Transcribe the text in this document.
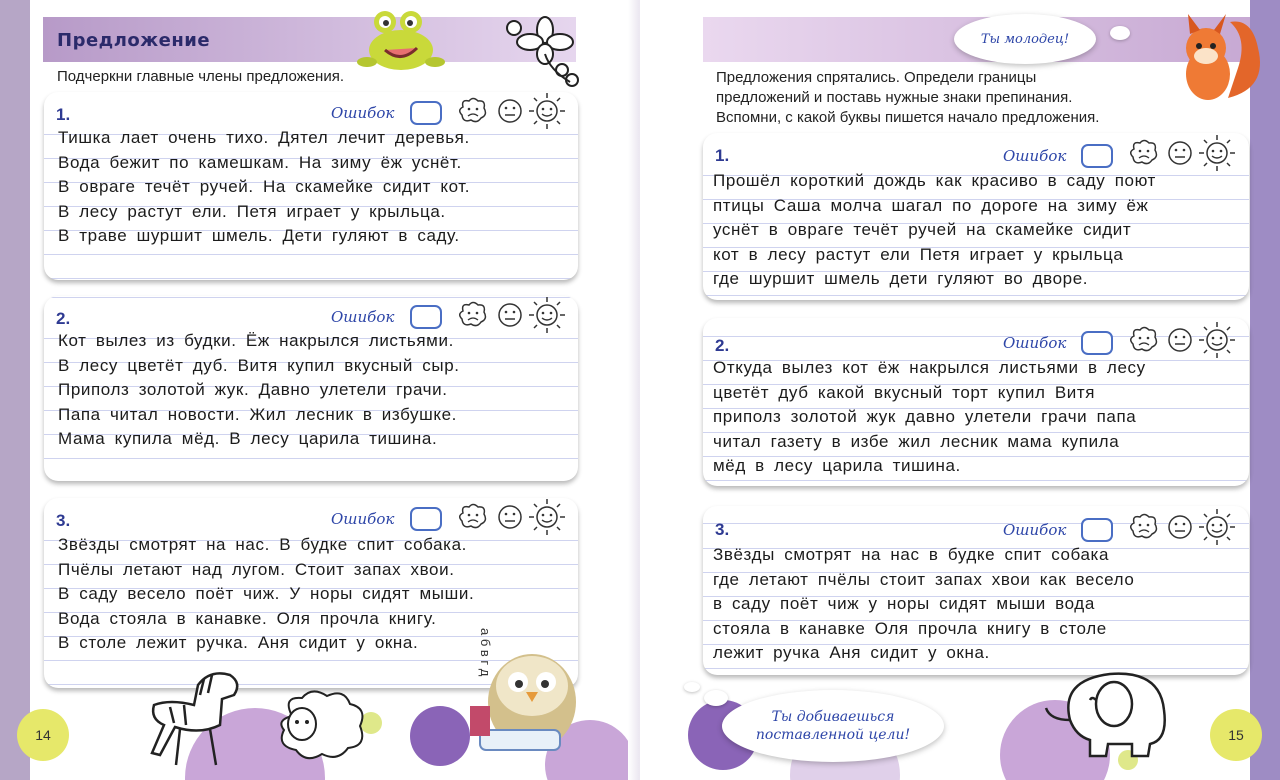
Предложение
Подчеркни главные члены предложения.
1.	Ошибок
Тишка лает очень тихо. Дятел лечит деревья.
Вода бежит по камешкам. На зиму ёж уснёт.
В овраге течёт ручей. На скамейке сидит кот.
В лесу растут ели. Петя играет у крыльца.
В траве шуршит шмель. Дети гуляют в саду.
2.	Ошибок
Кот вылез из будки. Ёж накрылся листьями.
В лесу цветёт дуб. Витя купил вкусный сыр.
Приполз золотой жук. Давно улетели грачи.
Папа читал новости. Жил лесник в избушке.
Мама купила мёд. В лесу царила тишина.
3.	Ошибок
Звёзды смотрят на нас. В будке спит собака.
Пчёлы летают над лугом. Стоит запах хвои.
В саду весело поёт чиж. У норы сидят мыши.
Вода стояла в канавке. Оля прочла книгу.
В столе лежит ручка. Аня сидит у окна.
14
а б в г д
Ты молодец!
Предложения спрятались. Определи границы
предложений и поставь нужные знаки препинания.
Вспомни, с какой буквы пишется начало предложения.
1.	Ошибок
Прошёл короткий дождь как красиво в саду поют
птицы Саша молча шагал по дороге на зиму ёж
уснёт в овраге течёт ручей на скамейке сидит
кот в лесу растут ели Петя играет у крыльца
где шуршит шмель дети гуляют во дворе.
2.	Ошибок
Откуда вылез кот ёж накрылся листьями в лесу
цветёт дуб какой вкусный торт купил Витя
приполз золотой жук давно улетели грачи папа
читал газету в избе жил лесник мама купила
мёд в лесу царила тишина.
3.	Ошибок
Звёзды смотрят на нас в будке спит собака
где летают пчёлы стоит запах хвои как весело
в саду поёт чиж у норы сидят мыши вода
стояла в канавке Оля прочла книгу в столе
лежит ручка Аня сидит у окна.
Ты добиваешься
поставленной цели!	15
